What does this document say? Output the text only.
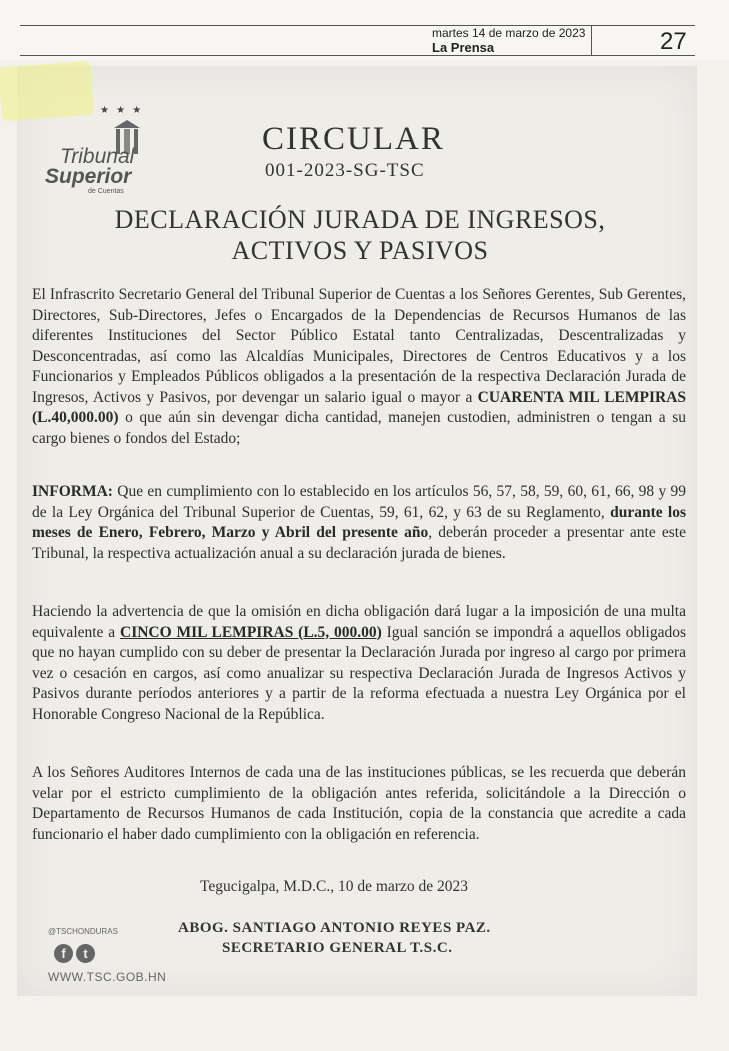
martes 14 de marzo de 2023
La Prensa	27
★ ★ ★
Tribunal
Superior
de Cuentas
CIRCULAR
001-2023-SG-TSC
DECLARACIÓN JURADA DE INGRESOS,
ACTIVOS Y PASIVOS
El Infrascrito Secretario General del Tribunal Superior de Cuentas a los Señores Gerentes, Sub Gerentes, Directores, Sub-Directores, Jefes o Encargados de la Dependencias de Recursos Humanos de las diferentes Instituciones del Sector Público Estatal tanto Centralizadas, Descentralizadas y Desconcentradas, así como las Alcaldías Municipales, Directores de Centros Educativos y a los Funcionarios y Empleados Públicos obligados a la presentación de la respectiva Declaración Jurada de Ingresos, Activos y Pasivos, por devengar un salario igual o mayor a CUARENTA MIL LEMPIRAS (L.40,000.00) o que aún sin devengar dicha cantidad, manejen custodien, administren o tengan a su cargo bienes o fondos del Estado;
INFORMA: Que en cumplimiento con lo establecido en los artículos 56, 57, 58, 59, 60, 61, 66, 98 y 99 de la Ley Orgánica del Tribunal Superior de Cuentas, 59, 61, 62, y 63 de su Reglamento, durante los meses de Enero, Febrero, Marzo y Abril del presente año, deberán proceder a presentar ante este Tribunal, la respectiva actualización anual a su declaración jurada de bienes.
Haciendo la advertencia de que la omisión en dicha obligación dará lugar a la imposición de una multa equivalente a CINCO MIL LEMPIRAS (L.5, 000.00) Igual sanción se impondrá a aquellos obligados que no hayan cumplido con su deber de presentar la Declaración Jurada por ingreso al cargo por primera vez o cesación en cargos, así como anualizar su respectiva Declaración Jurada de Ingresos Activos y Pasivos durante períodos anteriores y a partir de la reforma efectuada a nuestra Ley Orgánica por el Honorable Congreso Nacional de la República.
A los Señores Auditores Internos de cada una de las instituciones públicas, se les recuerda que deberán velar por el estricto cumplimiento de la obligación antes referida, solicitándole a la Dirección o Departamento de Recursos Humanos de cada Institución, copia de la constancia que acredite a cada funcionario el haber dado cumplimiento con la obligación en referencia.
Tegucigalpa, M.D.C., 10 de marzo de 2023
ABOG. SANTIAGO ANTONIO REYES PAZ.
SECRETARIO GENERAL T.S.C.
@TSCHONDURAS
f t
WWW.TSC.GOB.HN
